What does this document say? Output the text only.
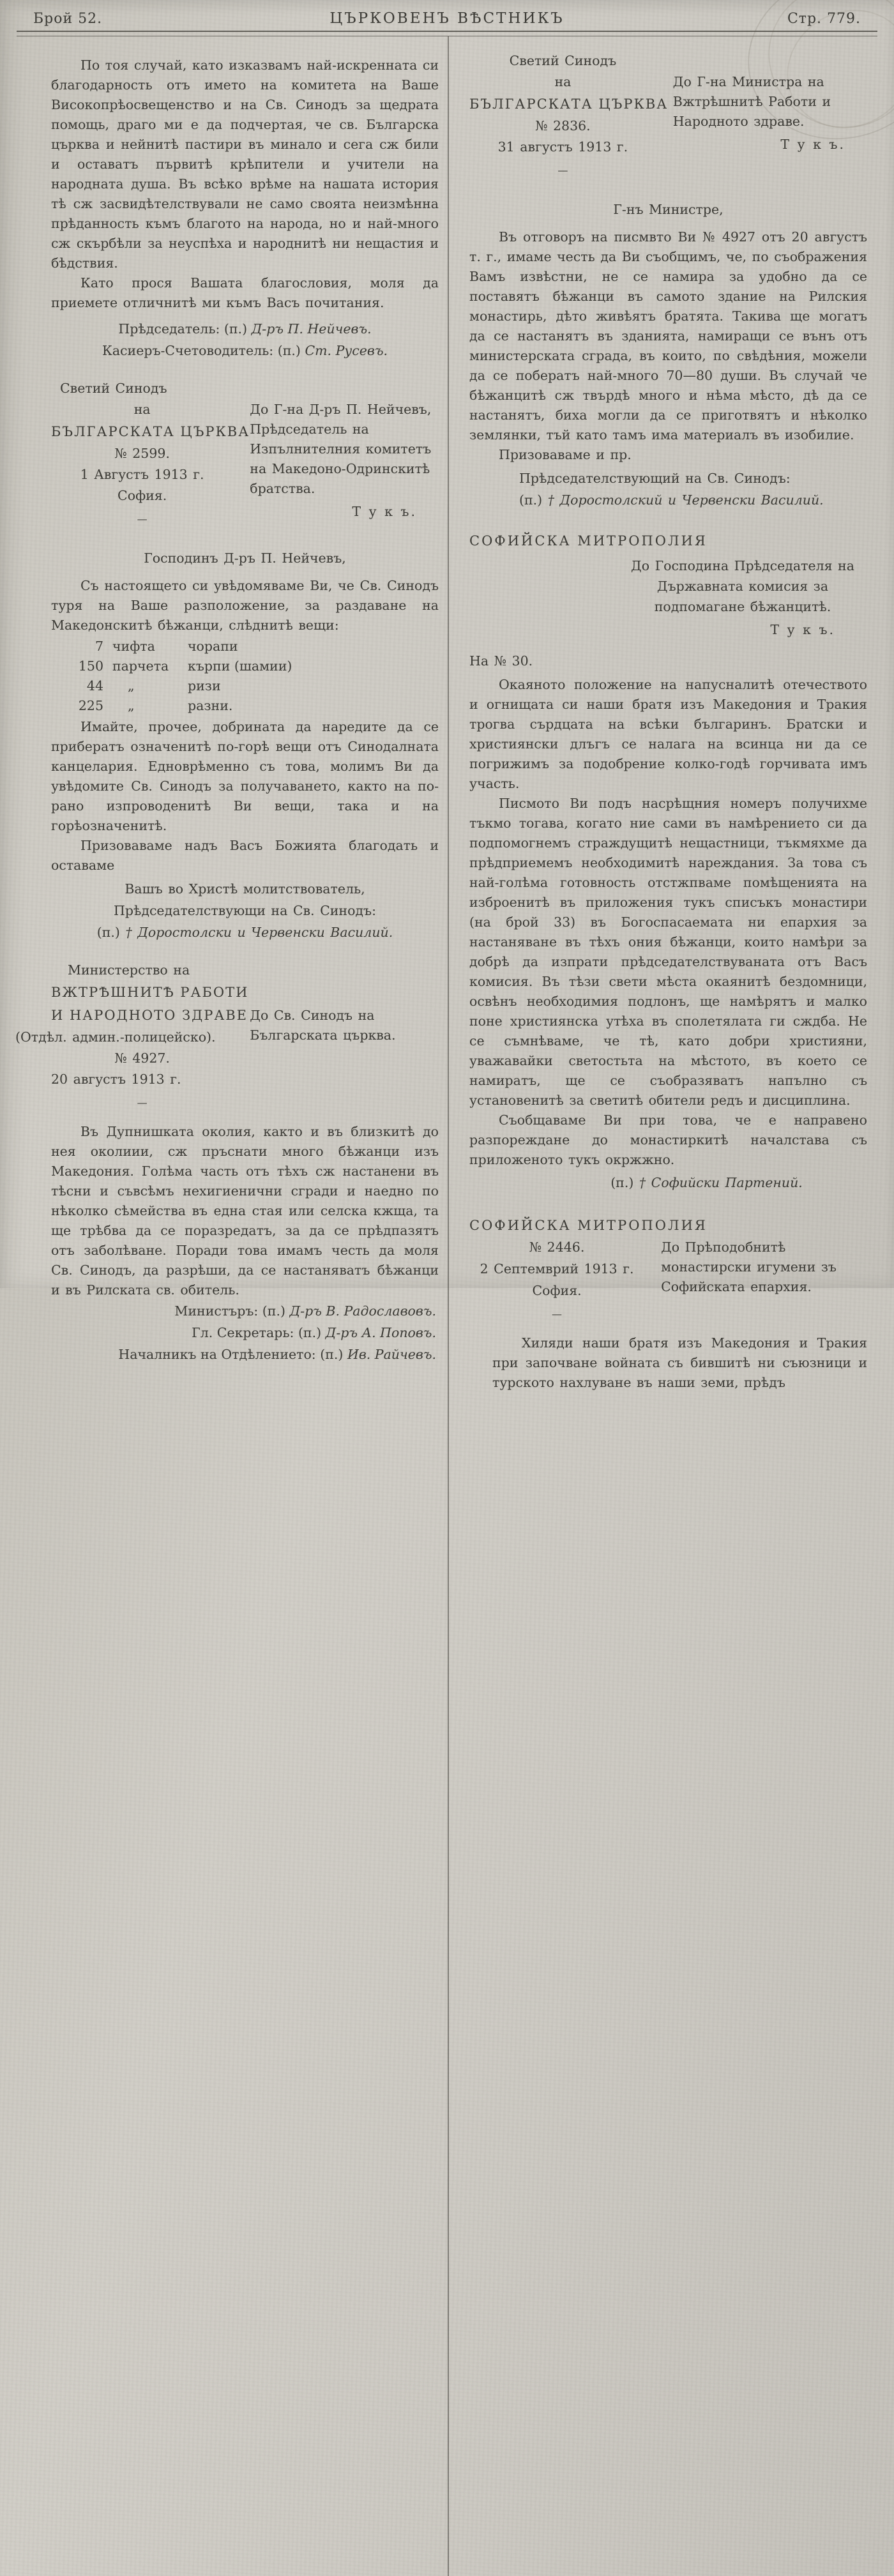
Брой 52.	ЦЪРКОВЕНЪ ВѢСТНИКЪ	Стр. 779.

По тоя случай, като изказвамъ най-искренната си благодарность отъ името на комитета на Ваше Високопрѣосвещенство и на Св. Синодъ за щедрата помощь, драго ми е да подчертая, че св. Българска църква и нейнитѣ пастири въ минало и сега сж били и оставатъ първитѣ крѣпители и учители на народната душа. Въ всѣко врѣме на нашата история тѣ сж засвидѣтелствували не само своята неизмѣнна прѣданность къмъ благото на народа, но и най-много сж скърбѣли за неуспѣха и народнитѣ ни нещастия и бѣдствия.

Като прося Вашата благословия, моля да приемете отличнитѣ ми къмъ Васъ почитания.

Прѣдседатель: (п.) Д-ръ П. Нейчевъ.
Касиеръ-Счетоводитель: (п.) Ст. Русевъ.
Светий Синодъ
на
БЪЛГАРСКАТА ЦЪРКВА
№ 2599.
1 Августъ 1913 г.
София.
—

До Г-на Д-ръ П. Нейчевъ, Прѣдседатель на Изпълнителния комитетъ на Македоно-Одринскитѣ братства.

Т у к ъ.

Господинъ Д-ръ П. Нейчевъ,

Съ настоящето си увѣдомяваме Ви, че Св. Синодъ туря на Ваше разположение, за раздаване на Македонскитѣ бѣжанци, слѣднитѣ вещи:

7 чифта	чорапи
150 парчета	кърпи (шамии)
44	„	ризи
225	„	разни.

Имайте, прочее, добрината да наредите да се прибератъ означенитѣ по-горѣ вещи отъ Синодалната канцелария. Едноврѣменно съ това, молимъ Ви да увѣдомите Св. Синодъ за получаването, както на по-рано изпроводенитѣ Ви вещи, така и на горѣозначенитѣ.

Призоваваме надъ Васъ Божията благодать и оставаме

Вашъ во Христѣ молитствователь,
Прѣдседателствующи на Св. Синодъ:
(п.) † Доростолски и Червенски Василий.
Министерство на
ВЖТРѢШНИТѢ РАБОТИ
И НАРОДНОТО ЗДРАВЕ
(Отдѣл. админ.-полицейско).
№ 4927.
20 августъ 1913 г.
—

До Св. Синодъ на Българската църква.

Въ Дупнишката околия, както и въ близкитѣ до нея околиии, сж пръснати много бѣжанци изъ Македония. Голѣма часть отъ тѣхъ сж настанени въ тѣсни и съвсѣмъ нехигиенични сгради и наедно по нѣколко сѣмейства въ една стая или селска кжща, та ще трѣбва да се поразредатъ, за да се прѣдпазятъ отъ заболѣване. Поради това имамъ честь да моля Св. Синодъ, да разрѣши, да се настаняватъ бѣжанци и въ Рилската св. обитель.

Министъръ: (п.) Д-ръ В. Радославовъ.
Гл. Секретарь: (п.) Д-ръ А. Поповъ.
Началникъ на Отдѣлението: (п.) Ив. Райчевъ.
Светий Синодъ
на
БЪЛГАРСКАТА ЦЪРКВА
№ 2836.
31 августъ 1913 г.
—

До Г-на Министра на Вжтрѣшнитѣ Работи и Народното здраве.

Т у к ъ.

Г-нъ Министре,

Въ отговоръ на писмвто Ви № 4927 отъ 20 августъ т. г., имаме честь да Ви съобщимъ, че, по съображения Вамъ извѣстни, не се намира за удобно да се поставятъ бѣжанци въ самото здание на Рилския монастирь, дѣто живѣятъ братята. Такива ще могатъ да се настанятъ въ зданията, намиращи се вънъ отъ министерската сграда, въ които, по свѣдѣния, можели да се побератъ най-много 70—80 души. Въ случай че бѣжанцитѣ сж твърдѣ много и нѣма мѣсто, дѣ да се настанятъ, биха могли да се приготвятъ и нѣколко землянки, тъй като тамъ има материалъ въ изобилие.

Призоваваме и пр.

Прѣдседателствующий на Св. Синодъ:
(п.) † Доростолский и Червенски Василий.
СОФИЙСКА МИТРОПОЛИЯ

До Господина Прѣдседателя на Държавната комисия за подпомагане бѣжанцитѣ.

Т у к ъ.

На № 30.

Окаяното положение на напусналитѣ отечеството и огнищата си наши братя изъ Македония и Тракия трогва сърдцата на всѣки българинъ. Братски и християнски длъгъ се налага на всинца ни да се погрижимъ за подобрение колко-годѣ горчивата имъ участь.

Писмото Ви подъ насрѣщния номеръ получихме тъкмо тогава, когато ние сами въ намѣрението си да подпомогнемъ страждущитѣ нещастници, тъкмяхме да прѣдприемемъ необходимитѣ нареждания. За това съ най-голѣма готовность отстжпваме помѣщенията на изброенитѣ въ приложения тукъ списъкъ монастири (на брой 33) въ Богоспасаемата ни епархия за настаняване въ тѣхъ ония бѣжанци, които намѣри за добрѣ да изпрати прѣдседателствуваната отъ Васъ комисия. Въ тѣзи свети мѣста окаянитѣ бездомници, освѣнъ необходимия подлонъ, ще намѣрятъ и малко поне християнска утѣха въ сполетялата ги сждба. Не се съмнѣваме, че тѣ, като добри християни, уважавайки светостьта на мѣстото, въ което се намиратъ, ще се съобразяватъ напълно съ установенитѣ за светитѣ обители редъ и дисциплина.

Съобщаваме Ви при това, че е направено разпореждане до монастиркитѣ началстава съ приложеното тукъ окржжно.

(п.) † Софийски Партений.
СОФИЙСКА МИТРОПОЛИЯ
№ 2446.
2 Септемврий 1913 г.
София.
—

До Прѣподобнитѣ монастирски игумени зъ Софийската епархия.

Хиляди наши братя изъ Македония и Тракия при започване войната съ бившитѣ ни съюзници и турското нахлуване въ наши земи, прѣдъ
